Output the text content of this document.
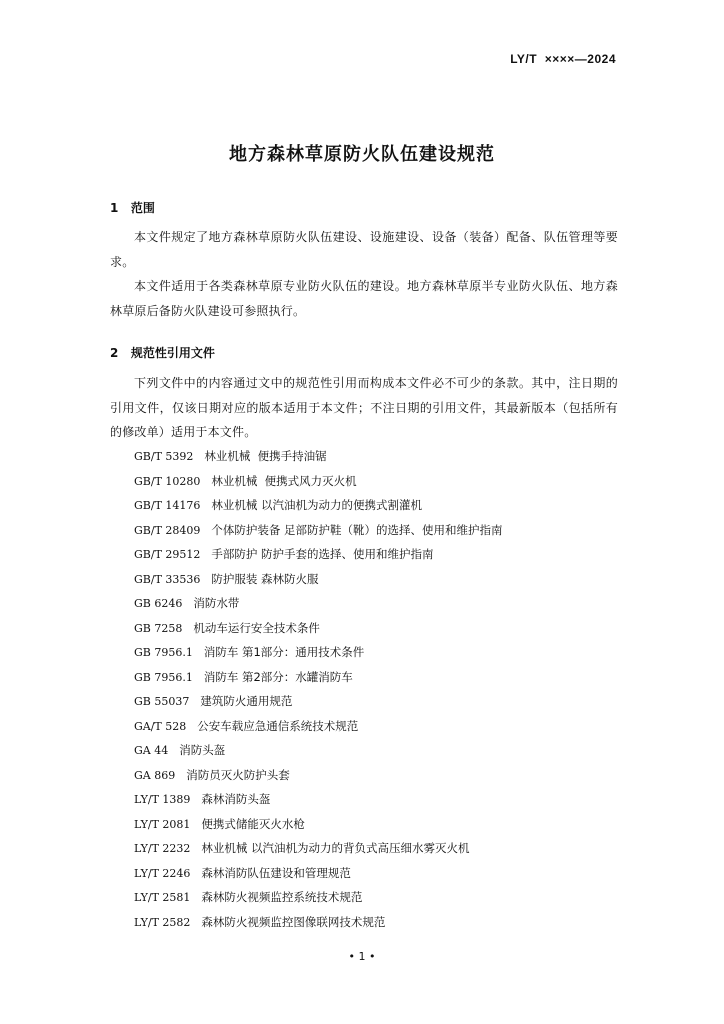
LY/T  ××××—2024
地方森林草原防火队伍建设规范
1   范围
本文件规定了地方森林草原防火队伍建设、设施建设、设备（装备）配备、队伍管理等要求。
本文件适用于各类森林草原专业防火队伍的建设。地方森林草原半专业防火队伍、地方森林草原后备防火队建设可参照执行。
2   规范性引用文件
下列文件中的内容通过文中的规范性引用而构成本文件必不可少的条款。其中，注日期的引用文件，仅该日期对应的版本适用于本文件；不注日期的引用文件，其最新版本（包括所有的修改单）适用于本文件。
GB/T 5392 林业机械  便携手持油锯
GB/T 10280 林业机械  便携式风力灭火机
GB/T 14176 林业机械 以汽油机为动力的便携式割灌机
GB/T 28409 个体防护装备 足部防护鞋（靴）的选择、使用和维护指南
GB/T 29512 手部防护 防护手套的选择、使用和维护指南
GB/T 33536 防护服装 森林防火服
GB 6246 消防水带
GB 7258 机动车运行安全技术条件
GB 7956.1 消防车 第1部分：通用技术条件
GB 7956.1 消防车 第2部分：水罐消防车
GB 55037 建筑防火通用规范
GA/T 528 公安车载应急通信系统技术规范
GA 44 消防头盔
GA 869 消防员灭火防护头套
LY/T 1389 森林消防头盔
LY/T 2081 便携式储能灭火水枪
LY/T 2232 林业机械 以汽油机为动力的背负式高压细水雾灭火机
LY/T 2246 森林消防队伍建设和管理规范
LY/T 2581 森林防火视频监控系统技术规范
LY/T 2582 森林防火视频监控图像联网技术规范
• 1 •
